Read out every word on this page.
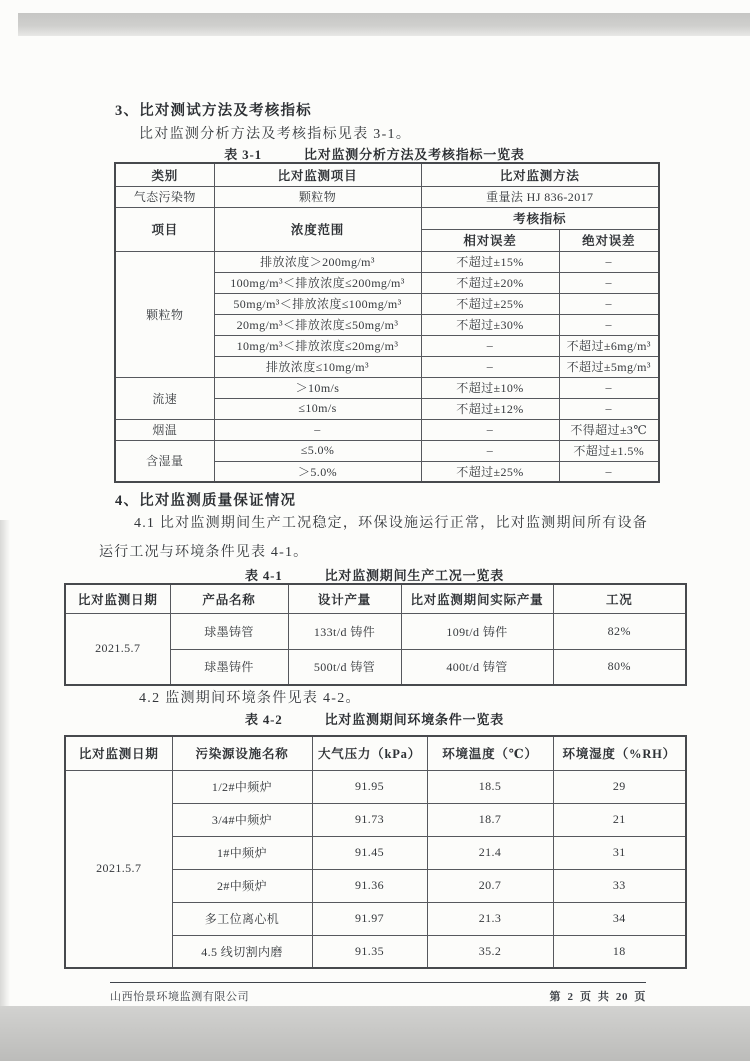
3、比对测试方法及考核指标
比对监测分析方法及考核指标见表 3-1。
表 3-1	比对监测分析方法及考核指标一览表
类别	比对监测项目	比对监测方法	
气态污染物	颗粒物	重量法 HJ 836-2017	
项目	浓度范围	考核指标	
		相对误差	绝对误差
颗粒物	排放浓度＞200mg/m³	不超过±15%	–
	100mg/m³＜排放浓度≤200mg/m³	不超过±20%	–
	50mg/m³＜排放浓度≤100mg/m³	不超过±25%	–
	20mg/m³＜排放浓度≤50mg/m³	不超过±30%	–
	10mg/m³＜排放浓度≤20mg/m³	–	不超过±6mg/m³
	排放浓度≤10mg/m³	–	不超过±5mg/m³
流速	＞10m/s	不超过±10%	–
	≤10m/s	不超过±12%	–
烟温	–	–	不得超过±3℃
含湿量	≤5.0%	–	不超过±1.5%
	＞5.0%	不超过±25%	–
4、比对监测质量保证情况
4.1 比对监测期间生产工况稳定，环保设施运行正常，比对监测期间所有设备运行工况与环境条件见表 4-1。
表 4-1	比对监测期间生产工况一览表
比对监测日期	产品名称	设计产量	比对监测期间实际产量	工况
2021.5.7	球墨铸管	133t/d 铸件	109t/d 铸件	82%
	球墨铸件	500t/d 铸管	400t/d 铸管	80%
4.2 监测期间环境条件见表 4-2。
表 4-2	比对监测期间环境条件一览表
比对监测日期	污染源设施名称	大气压力（kPa）	环境温度（℃）	环境湿度（%RH）
2021.5.7	1/2#中频炉	91.95	18.5	29
	3/4#中频炉	91.73	18.7	21
	1#中频炉	91.45	21.4	31
	2#中频炉	91.36	20.7	33
	多工位离心机	91.97	21.3	34
	4.5 线切割内磨	91.35	35.2	18
山西怡景环境监测有限公司	第 2 页 共 20 页
